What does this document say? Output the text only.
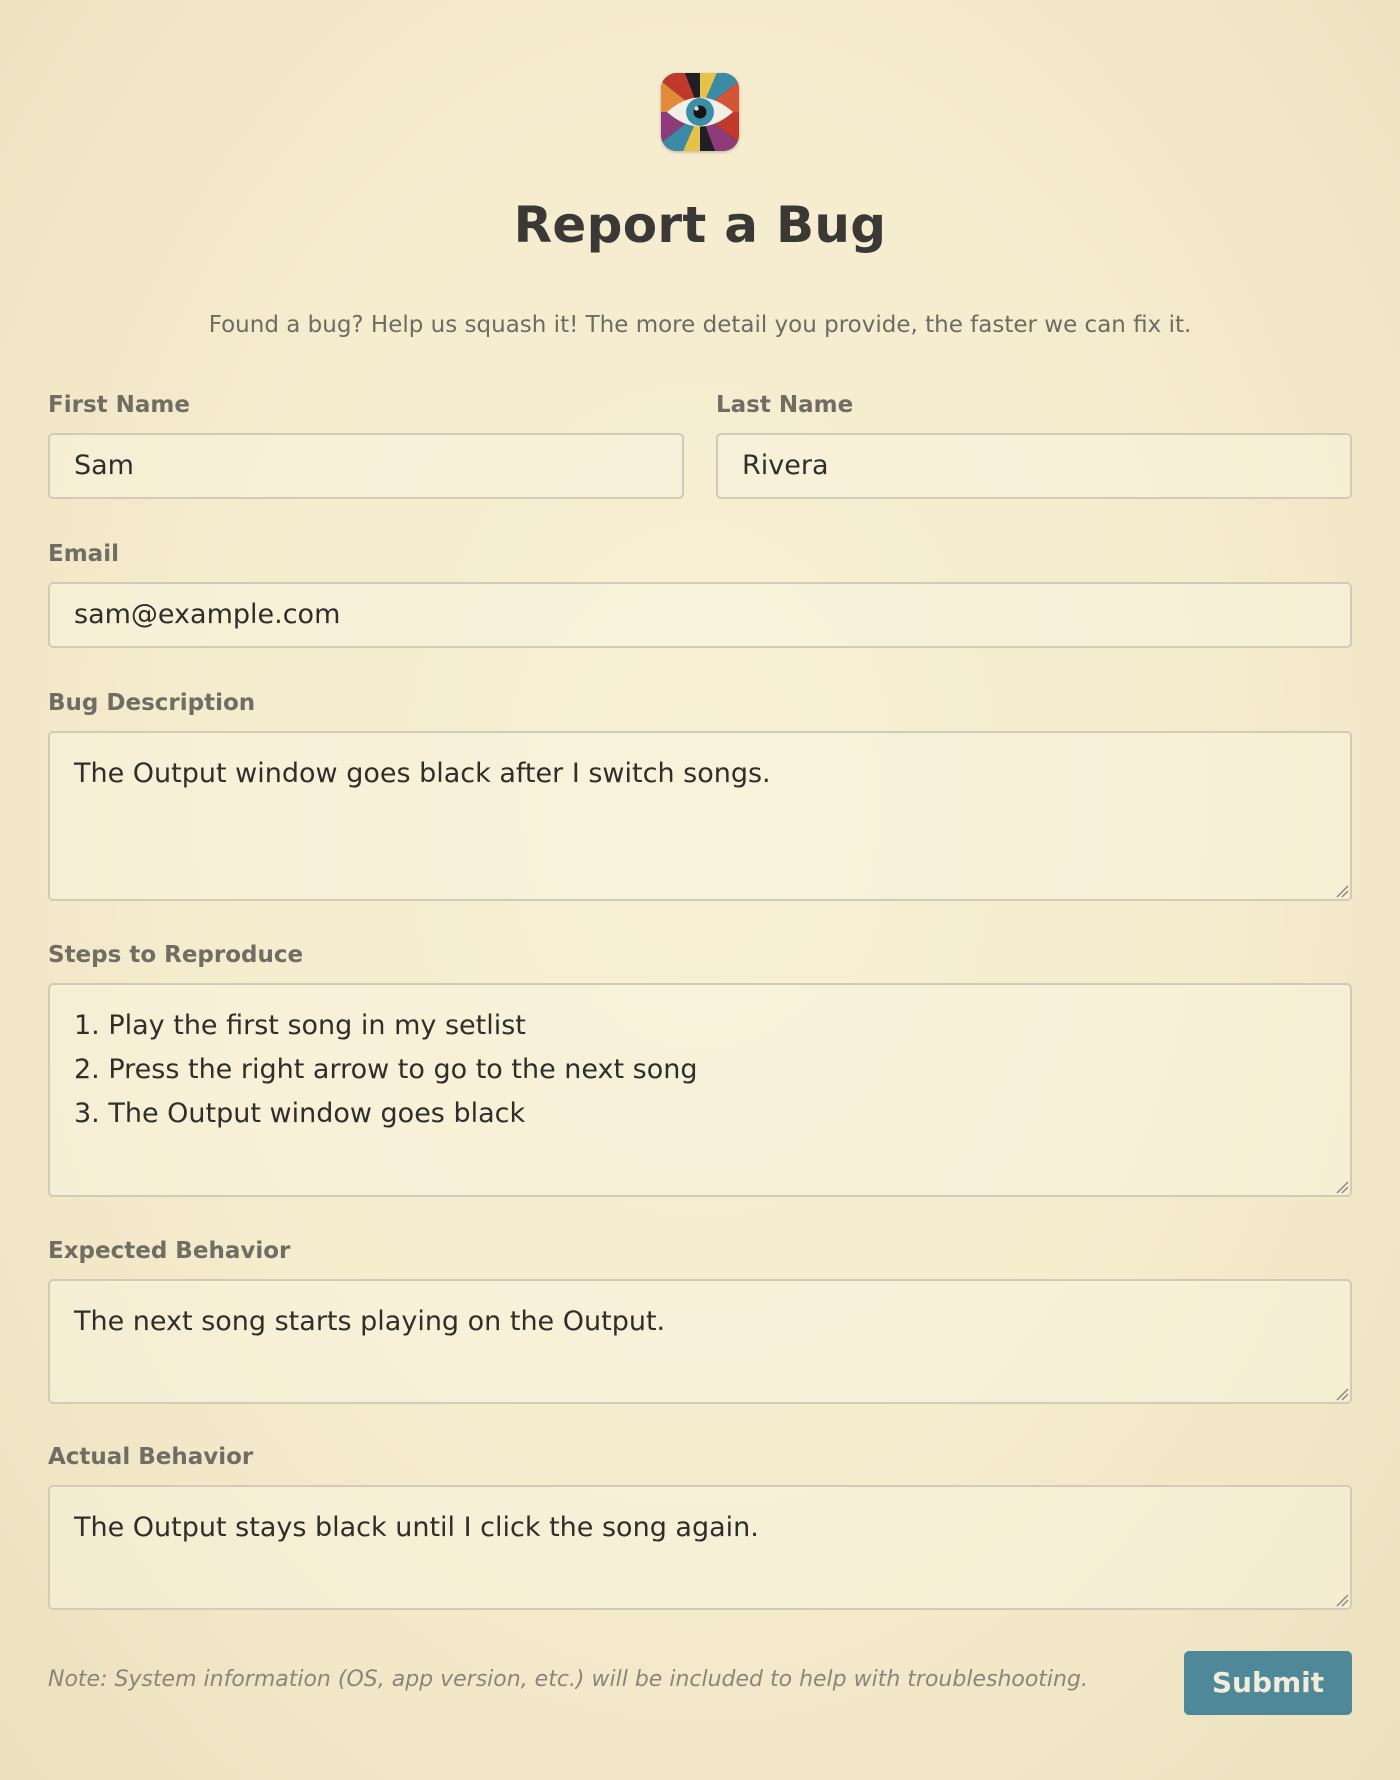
Report a Bug
Found a bug? Help us squash it! The more detail you provide, the faster we can fix it.
First Name
Sam
Last Name
Rivera
Email
sam@example.com
Bug Description
The Output window goes black after I switch songs.
Steps to Reproduce
1. Play the first song in my setlist
2. Press the right arrow to go to the next song
3. The Output window goes black
Expected Behavior
The next song starts playing on the Output.
Actual Behavior
The Output stays black until I click the song again.
Note: System information (OS, app version, etc.) will be included to help with troubleshooting.	Submit
